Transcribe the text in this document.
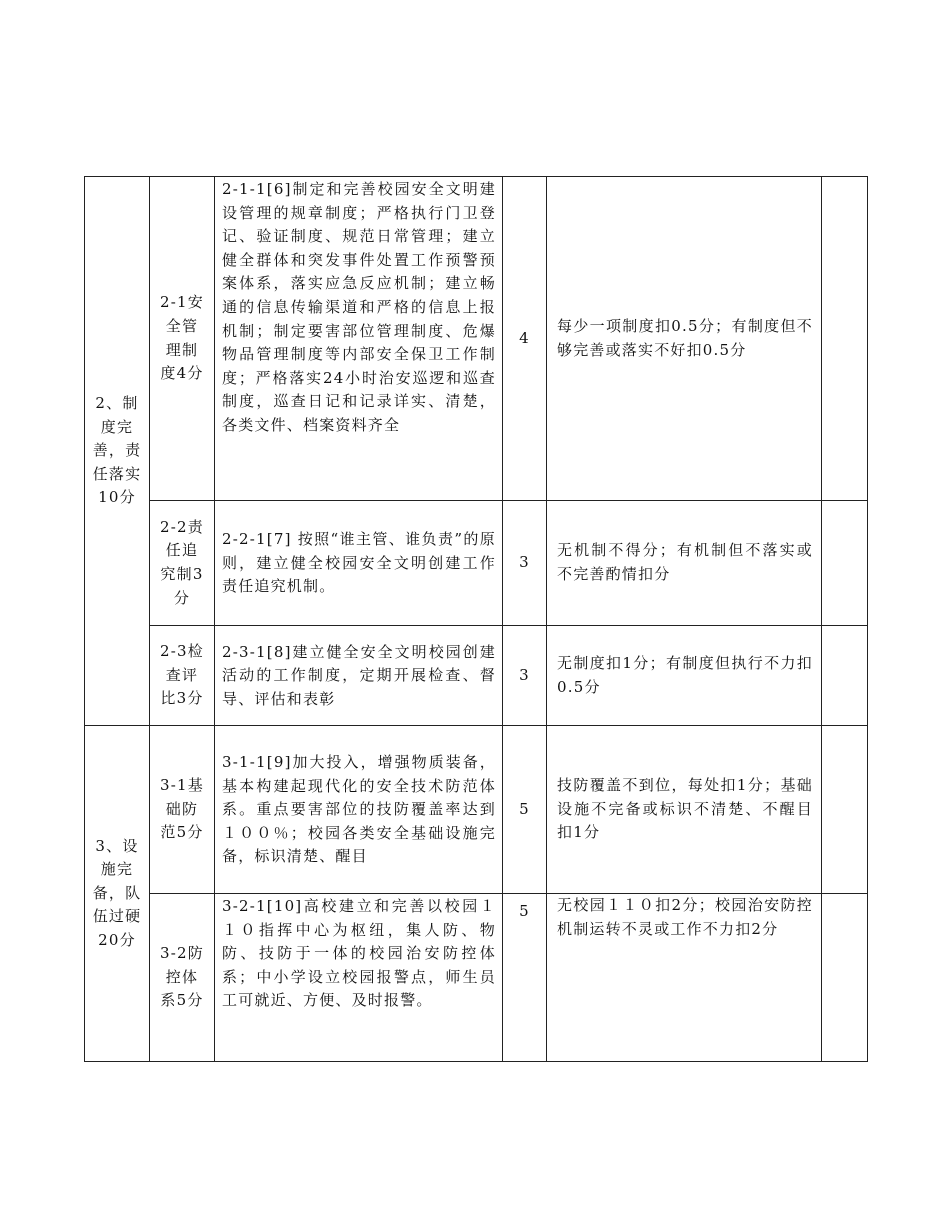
2、制度完善，责任落实10分	2-1安全管理制度4分	2-1-1[6]制定和完善校园安全文明建设管理的规章制度；严格执行门卫登记、验证制度、规范日常管理；建立健全群体和突发事件处置工作预警预案体系，落实应急反应机制；建立畅通的信息传输渠道和严格的信息上报机制；制定要害部位管理制度、危爆物品管理制度等内部安全保卫工作制度；严格落实24小时治安巡逻和巡查制度，巡查日记和记录详实、清楚，各类文件、档案资料齐全	4	每少一项制度扣0.5分；有制度但不够完善或落实不好扣0.5分	

	2-2责任追究制3分	2-2-1[7] 按照“谁主管、谁负责”的原则，建立健全校园安全文明创建工作责任追究机制。	3	无机制不得分；有机制但不落实或不完善酌情扣分	

	2-3检查评比3分	2-3-1[8]建立健全安全文明校园创建活动的工作制度，定期开展检查、督导、评估和表彰	3	无制度扣1分；有制度但执行不力扣0.5分	

3、设施完备，队伍过硬20分	3-1基础防范5分	3-1-1[9]加大投入，增强物质装备，基本构建起现代化的安全技术防范体系。重点要害部位的技防覆盖率达到１００％；校园各类安全基础设施完备，标识清楚、醒目	5	技防覆盖不到位，每处扣1分；基础设施不完备或标识不清楚、不醒目扣1分	

	3-2防控体系5分	3-2-1[10]高校建立和完善以校园１１０指挥中心为枢纽，集人防、物防、技防于一体的校园治安防控体系；中小学设立校园报警点，师生员工可就近、方便、及时报警。	5	无校园１１０扣2分；校园治安防控机制运转不灵或工作不力扣2分	
